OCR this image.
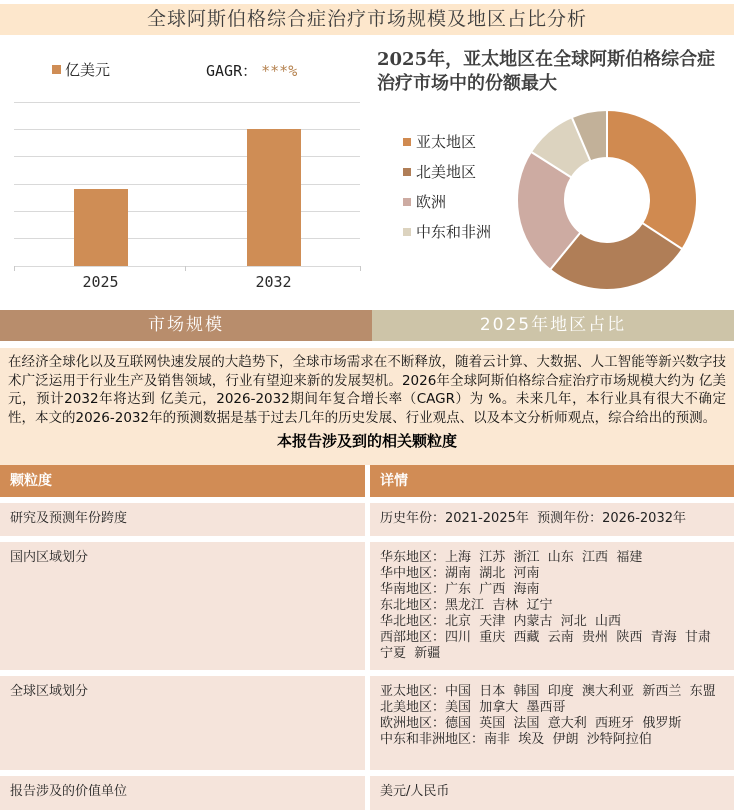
全球阿斯伯格综合症治疗市场规模及地区占比分析
亿美元	GAGR： ***%
2025	2032
2025年，亚太地区在全球阿斯伯格综合症治疗市场中的份额最大
亚太地区
北美地区
欧洲
中东和非洲
市场规模	2025年地区占比

在经济全球化以及互联网快速发展的大趋势下，全球市场需求在不断释放，随着云计算、大数据、人工智能等新兴数字技术广泛运用于行业生产及销售领域，行业有望迎来新的发展契机。2026年全球阿斯伯格综合症治疗市场规模大约为 亿美元，预计2032年将达到 亿美元，2026-2032期间年复合增长率（CAGR）为 %。未来几年，本行业具有很大不确定性，本文的2026-2032年的预测数据是基于过去几年的历史发展、行业观点、以及本文分析师观点，综合给出的预测。

本报告涉及到的相关颗粒度
颗粒度	详情
研究及预测年份跨度	历史年份：2021-2025年  预测年份：2026-2032年
国内区域划分	华东地区：上海  江苏  浙江  山东  江西  福建
华中地区：湖南  湖北  河南
华南地区：广东  广西  海南
东北地区：黑龙江  吉林  辽宁
华北地区：北京  天津  内蒙古  河北  山西
西部地区：四川  重庆  西藏  云南  贵州  陕西  青海  甘肃
宁夏  新疆
全球区域划分	亚太地区：中国  日本  韩国  印度  澳大利亚  新西兰  东盟
北美地区：美国  加拿大  墨西哥
欧洲地区：德国  英国  法国  意大利  西班牙  俄罗斯
中东和非洲地区：南非  埃及  伊朗  沙特阿拉伯
报告涉及的价值单位	美元/人民币
